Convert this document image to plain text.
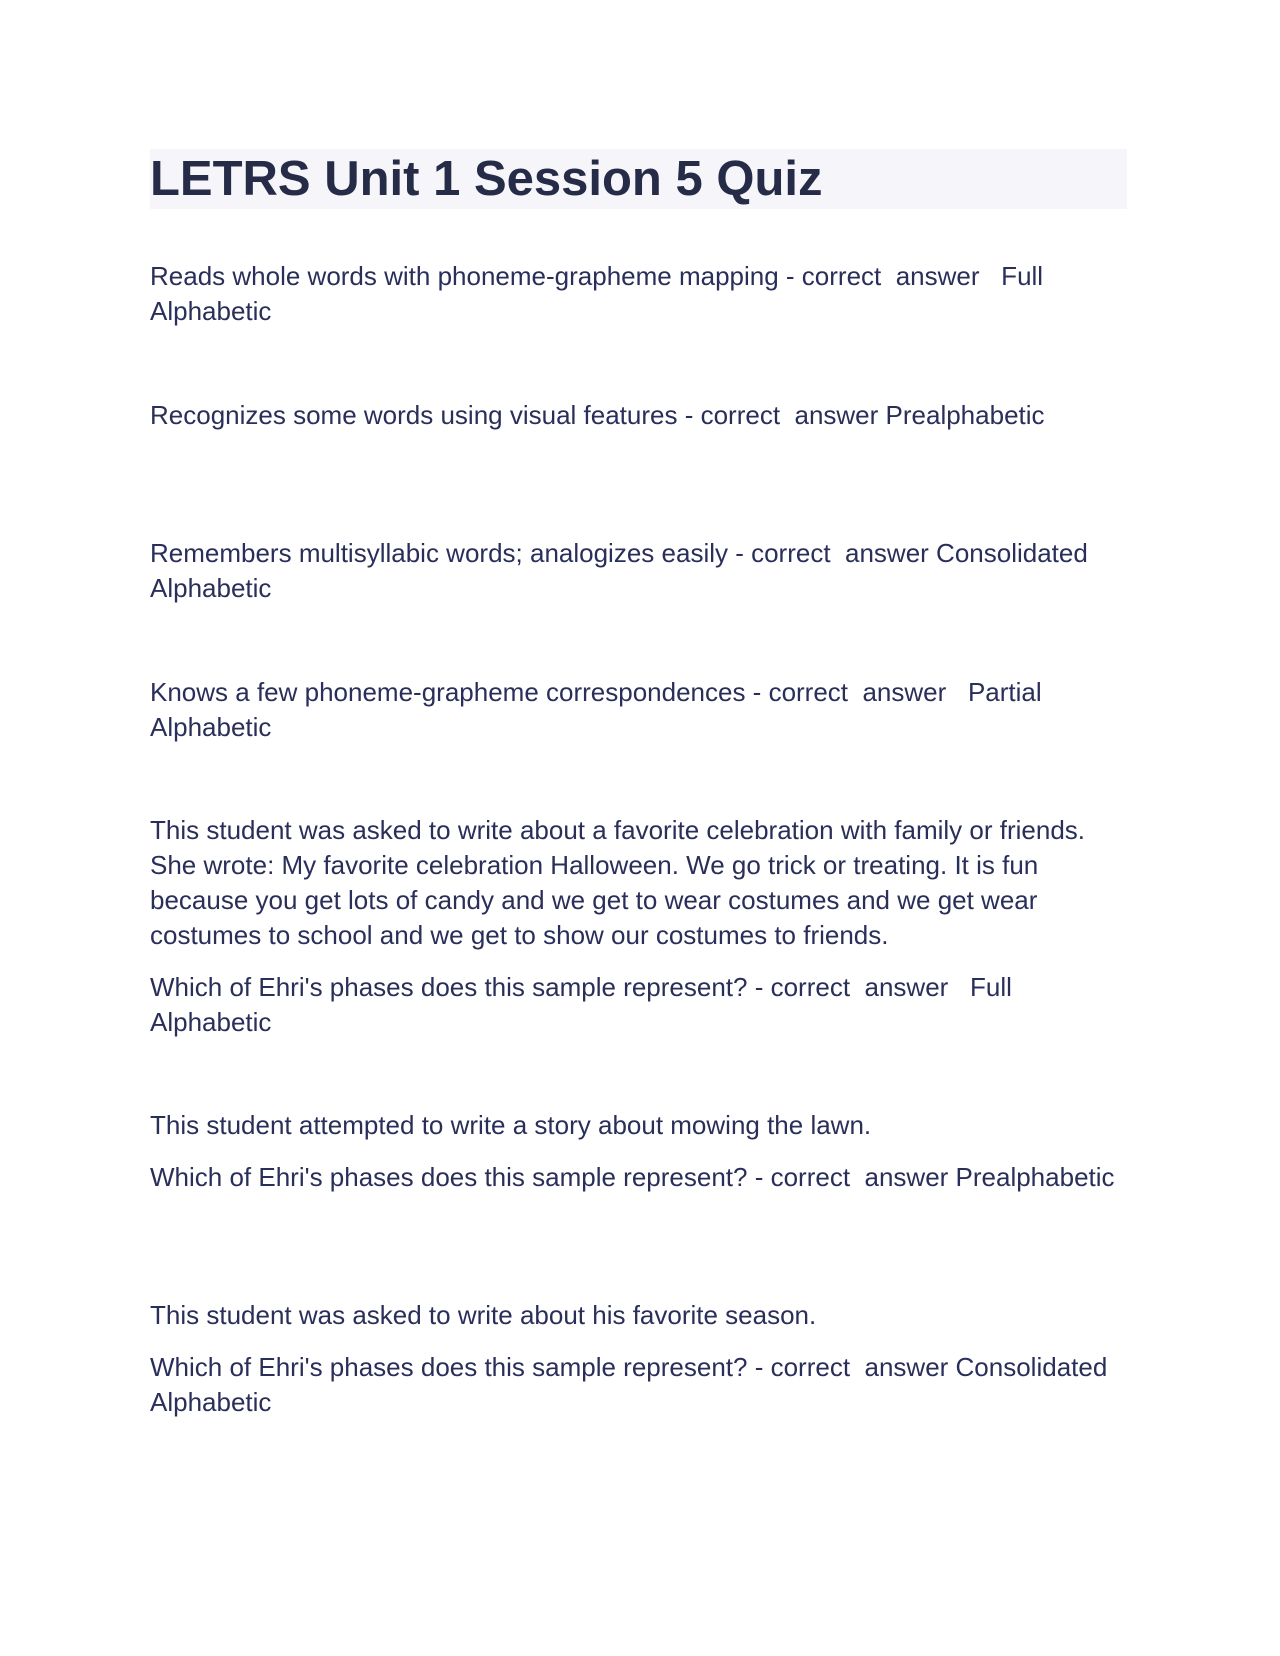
LETRS Unit 1 Session 5 Quiz

Reads whole words with phoneme-grapheme mapping - correct  answer   Full Alphabetic

Recognizes some words using visual features - correct  answer Prealphabetic

Remembers multisyllabic words; analogizes easily - correct  answer Consolidated Alphabetic

Knows a few phoneme-grapheme correspondences - correct  answer   Partial Alphabetic

This student was asked to write about a favorite celebration with family or friends. She wrote: My favorite celebration Halloween. We go trick or treating. It is fun because you get lots of candy and we get to wear costumes and we get wear costumes to school and we get to show our costumes to friends.

Which of Ehri's phases does this sample represent? - correct  answer   Full Alphabetic

This student attempted to write a story about mowing the lawn.

Which of Ehri's phases does this sample represent? - correct  answer Prealphabetic

This student was asked to write about his favorite season.

Which of Ehri's phases does this sample represent? - correct  answer Consolidated Alphabetic
